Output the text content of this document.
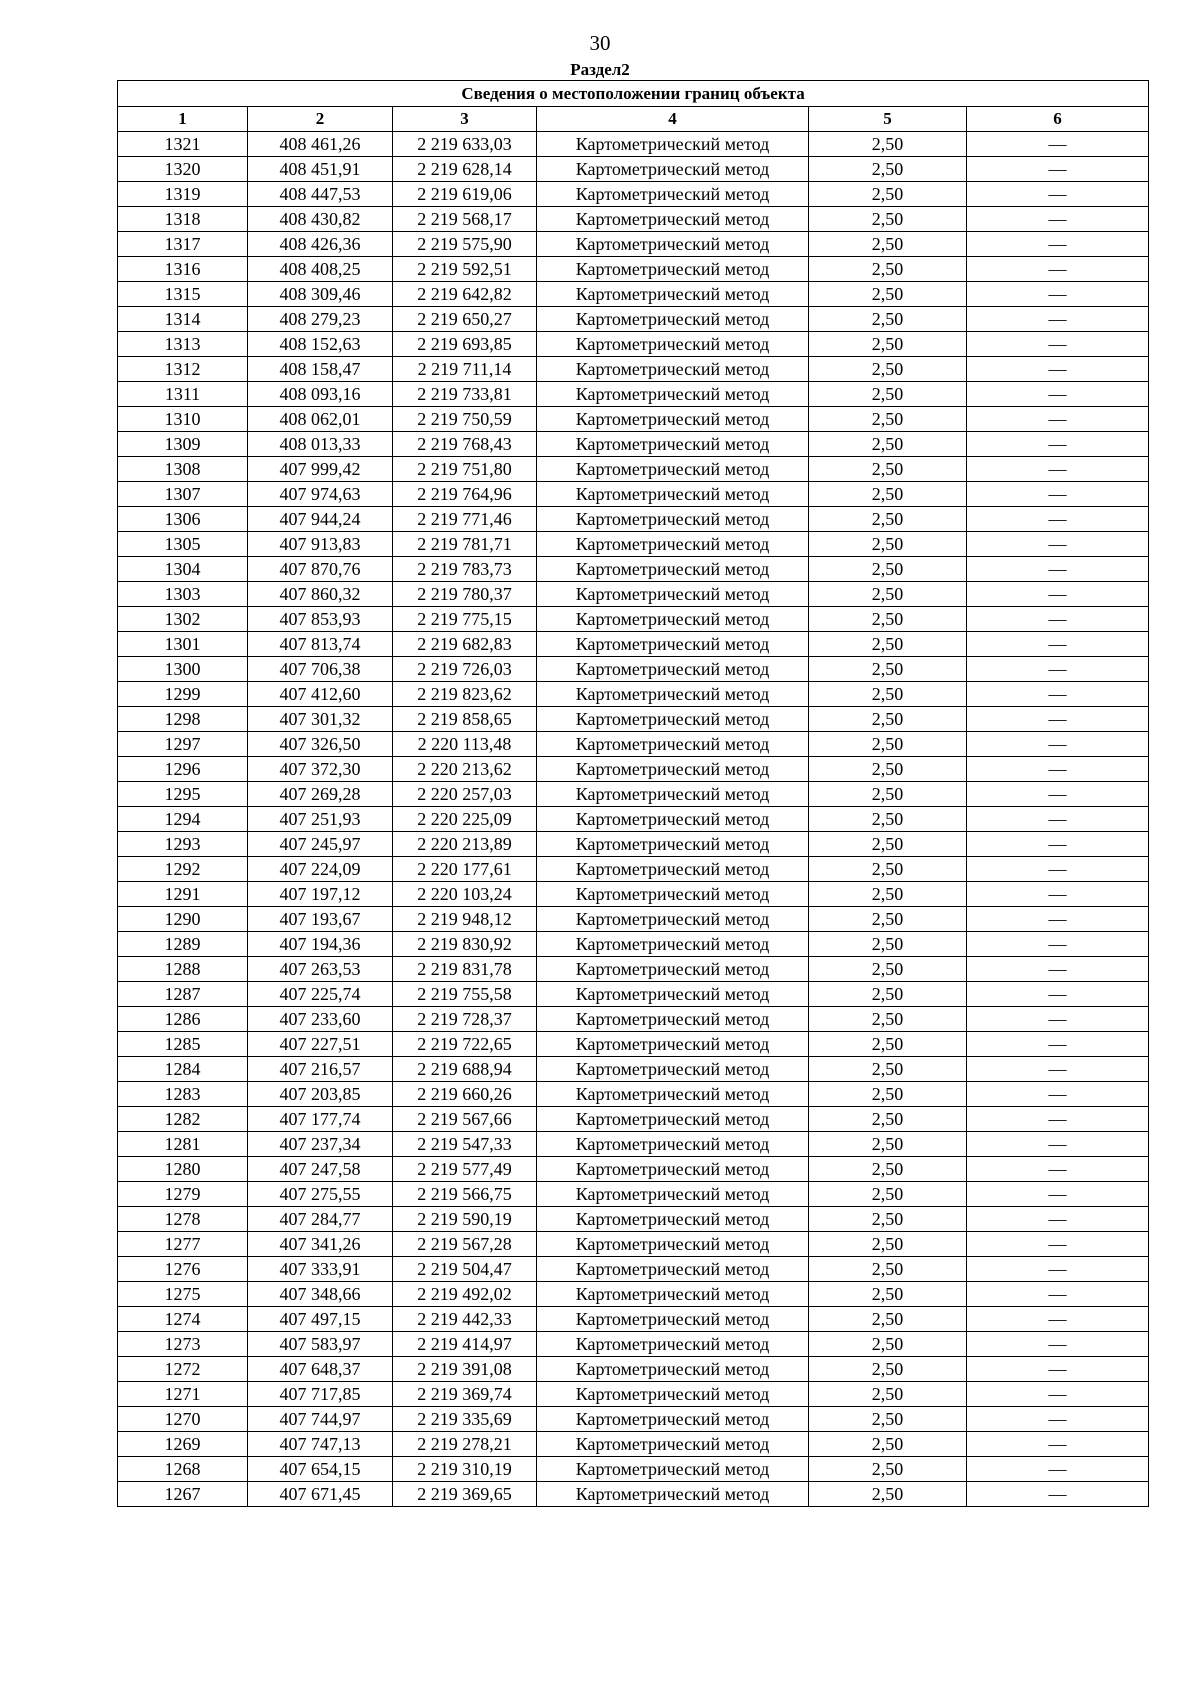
30
Раздел2
Сведения о местоположении границ объекта					
1	2	3	4	5	6
1321	408 461,26	2 219 633,03	Картометрический метод	2,50	—
1320	408 451,91	2 219 628,14	Картометрический метод	2,50	—
1319	408 447,53	2 219 619,06	Картометрический метод	2,50	—
1318	408 430,82	2 219 568,17	Картометрический метод	2,50	—
1317	408 426,36	2 219 575,90	Картометрический метод	2,50	—
1316	408 408,25	2 219 592,51	Картометрический метод	2,50	—
1315	408 309,46	2 219 642,82	Картометрический метод	2,50	—
1314	408 279,23	2 219 650,27	Картометрический метод	2,50	—
1313	408 152,63	2 219 693,85	Картометрический метод	2,50	—
1312	408 158,47	2 219 711,14	Картометрический метод	2,50	—
1311	408 093,16	2 219 733,81	Картометрический метод	2,50	—
1310	408 062,01	2 219 750,59	Картометрический метод	2,50	—
1309	408 013,33	2 219 768,43	Картометрический метод	2,50	—
1308	407 999,42	2 219 751,80	Картометрический метод	2,50	—
1307	407 974,63	2 219 764,96	Картометрический метод	2,50	—
1306	407 944,24	2 219 771,46	Картометрический метод	2,50	—
1305	407 913,83	2 219 781,71	Картометрический метод	2,50	—
1304	407 870,76	2 219 783,73	Картометрический метод	2,50	—
1303	407 860,32	2 219 780,37	Картометрический метод	2,50	—
1302	407 853,93	2 219 775,15	Картометрический метод	2,50	—
1301	407 813,74	2 219 682,83	Картометрический метод	2,50	—
1300	407 706,38	2 219 726,03	Картометрический метод	2,50	—
1299	407 412,60	2 219 823,62	Картометрический метод	2,50	—
1298	407 301,32	2 219 858,65	Картометрический метод	2,50	—
1297	407 326,50	2 220 113,48	Картометрический метод	2,50	—
1296	407 372,30	2 220 213,62	Картометрический метод	2,50	—
1295	407 269,28	2 220 257,03	Картометрический метод	2,50	—
1294	407 251,93	2 220 225,09	Картометрический метод	2,50	—
1293	407 245,97	2 220 213,89	Картометрический метод	2,50	—
1292	407 224,09	2 220 177,61	Картометрический метод	2,50	—
1291	407 197,12	2 220 103,24	Картометрический метод	2,50	—
1290	407 193,67	2 219 948,12	Картометрический метод	2,50	—
1289	407 194,36	2 219 830,92	Картометрический метод	2,50	—
1288	407 263,53	2 219 831,78	Картометрический метод	2,50	—
1287	407 225,74	2 219 755,58	Картометрический метод	2,50	—
1286	407 233,60	2 219 728,37	Картометрический метод	2,50	—
1285	407 227,51	2 219 722,65	Картометрический метод	2,50	—
1284	407 216,57	2 219 688,94	Картометрический метод	2,50	—
1283	407 203,85	2 219 660,26	Картометрический метод	2,50	—
1282	407 177,74	2 219 567,66	Картометрический метод	2,50	—
1281	407 237,34	2 219 547,33	Картометрический метод	2,50	—
1280	407 247,58	2 219 577,49	Картометрический метод	2,50	—
1279	407 275,55	2 219 566,75	Картометрический метод	2,50	—
1278	407 284,77	2 219 590,19	Картометрический метод	2,50	—
1277	407 341,26	2 219 567,28	Картометрический метод	2,50	—
1276	407 333,91	2 219 504,47	Картометрический метод	2,50	—
1275	407 348,66	2 219 492,02	Картометрический метод	2,50	—
1274	407 497,15	2 219 442,33	Картометрический метод	2,50	—
1273	407 583,97	2 219 414,97	Картометрический метод	2,50	—
1272	407 648,37	2 219 391,08	Картометрический метод	2,50	—
1271	407 717,85	2 219 369,74	Картометрический метод	2,50	—
1270	407 744,97	2 219 335,69	Картометрический метод	2,50	—
1269	407 747,13	2 219 278,21	Картометрический метод	2,50	—
1268	407 654,15	2 219 310,19	Картометрический метод	2,50	—
1267	407 671,45	2 219 369,65	Картометрический метод	2,50	—
